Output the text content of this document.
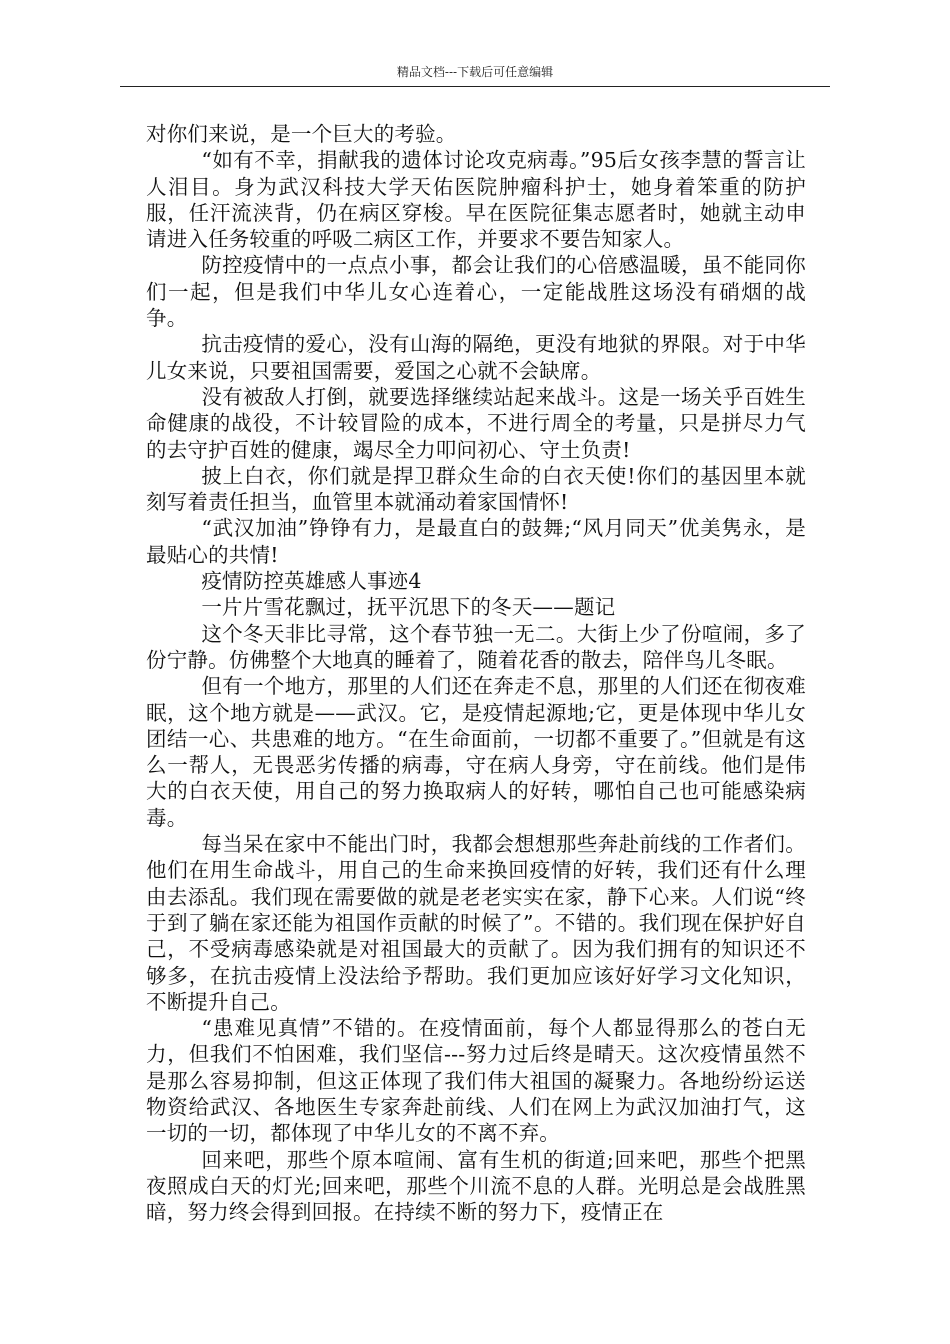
精品文档---下载后可任意编辑

对你们来说，是一个巨大的考验。

“如有不幸，捐献我的遗体讨论攻克病毒。”95后女孩李慧的誓言让人泪目。身为武汉科技大学天佑医院肿瘤科护士，她身着笨重的防护服，任汗流浃背，仍在病区穿梭。早在医院征集志愿者时，她就主动申请进入任务较重的呼吸二病区工作，并要求不要告知家人。

防控疫情中的一点点小事，都会让我们的心倍感温暖，虽不能同你们一起，但是我们中华儿女心连着心，一定能战胜这场没有硝烟的战争。

抗击疫情的爱心，没有山海的隔绝，更没有地狱的界限。对于中华儿女来说，只要祖国需要，爱国之心就不会缺席。

没有被敌人打倒，就要选择继续站起来战斗。这是一场关乎百姓生命健康的战役，不计较冒险的成本，不进行周全的考量，只是拼尽力气的去守护百姓的健康，竭尽全力叩问初心、守土负责!

披上白衣，你们就是捍卫群众生命的白衣天使!你们的基因里本就刻写着责任担当，血管里本就涌动着家国情怀!

“武汉加油”铮铮有力，是最直白的鼓舞;“风月同天”优美隽永，是最贴心的共情!

疫情防控英雄感人事迹4

一片片雪花飘过，抚平沉思下的冬天——题记

这个冬天非比寻常，这个春节独一无二。大街上少了份喧闹，多了份宁静。仿佛整个大地真的睡着了，随着花香的散去，陪伴鸟儿冬眠。

但有一个地方，那里的人们还在奔走不息，那里的人们还在彻夜难眠，这个地方就是——武汉。它，是疫情起源地;它，更是体现中华儿女团结一心、共患难的地方。“在生命面前，一切都不重要了。”但就是有这么一帮人，无畏恶劣传播的病毒，守在病人身旁，守在前线。他们是伟大的白衣天使，用自己的努力换取病人的好转，哪怕自己也可能感染病毒。

每当呆在家中不能出门时，我都会想想那些奔赴前线的工作者们。他们在用生命战斗，用自己的生命来换回疫情的好转，我们还有什么理由去添乱。我们现在需要做的就是老老实实在家，静下心来。人们说“终于到了躺在家还能为祖国作贡献的时候了”。不错的。我们现在保护好自己，不受病毒感染就是对祖国最大的贡献了。因为我们拥有的知识还不够多，在抗击疫情上没法给予帮助。我们更加应该好好学习文化知识，不断提升自己。

“患难见真情”不错的。在疫情面前，每个人都显得那么的苍白无力，但我们不怕困难，我们坚信---努力过后终是晴天。这次疫情虽然不是那么容易抑制，但这正体现了我们伟大祖国的凝聚力。各地纷纷运送物资给武汉、各地医生专家奔赴前线、人们在网上为武汉加油打气，这一切的一切，都体现了中华儿女的不离不弃。

回来吧，那些个原本喧闹、富有生机的街道;回来吧，那些个把黑夜照成白天的灯光;回来吧，那些个川流不息的人群。光明总是会战胜黑暗，努力终会得到回报。在持续不断的努力下，疫情正在
